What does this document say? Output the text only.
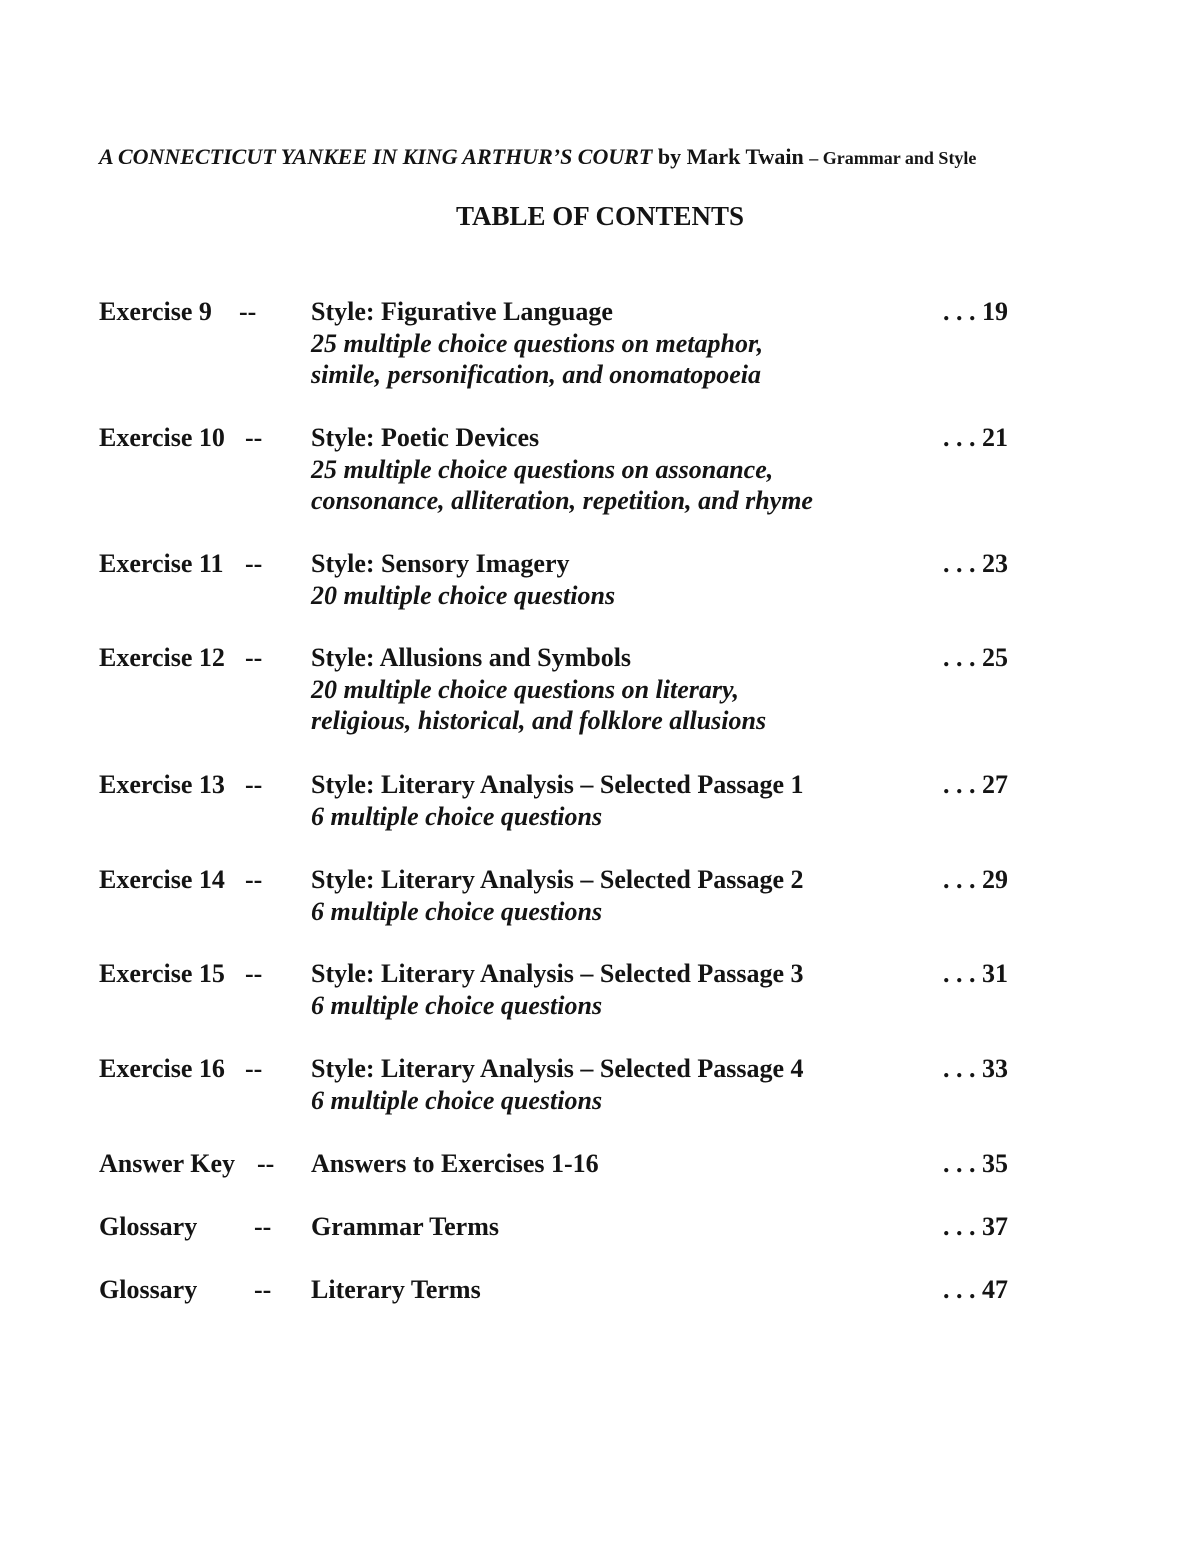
A CONNECTICUT YANKEE IN KING ARTHUR’S COURT by Mark Twain – Grammar and Style
TABLE OF CONTENTS
Exercise 9 -- Style: Figurative Language
25 multiple choice questions on metaphor,
simile, personification, and onomatopoeia
. . . 19
Exercise 10 -- Style: Poetic Devices
25 multiple choice questions on assonance,
consonance, alliteration, repetition, and rhyme
. . . 21
Exercise 11 -- Style: Sensory Imagery
20 multiple choice questions
. . . 23
Exercise 12 -- Style: Allusions and Symbols
20 multiple choice questions on literary,
religious, historical, and folklore allusions
. . . 25
Exercise 13 -- Style: Literary Analysis – Selected Passage 1
6 multiple choice questions
. . . 27
Exercise 14 -- Style: Literary Analysis – Selected Passage 2
6 multiple choice questions
. . . 29
Exercise 15 -- Style: Literary Analysis – Selected Passage 3
6 multiple choice questions
. . . 31
Exercise 16 -- Style: Literary Analysis – Selected Passage 4
6 multiple choice questions
. . . 33
Answer Key -- Answers to Exercises 1-16	. . . 35
Glossary -- Grammar Terms	. . . 37
Glossary -- Literary Terms	. . . 47
